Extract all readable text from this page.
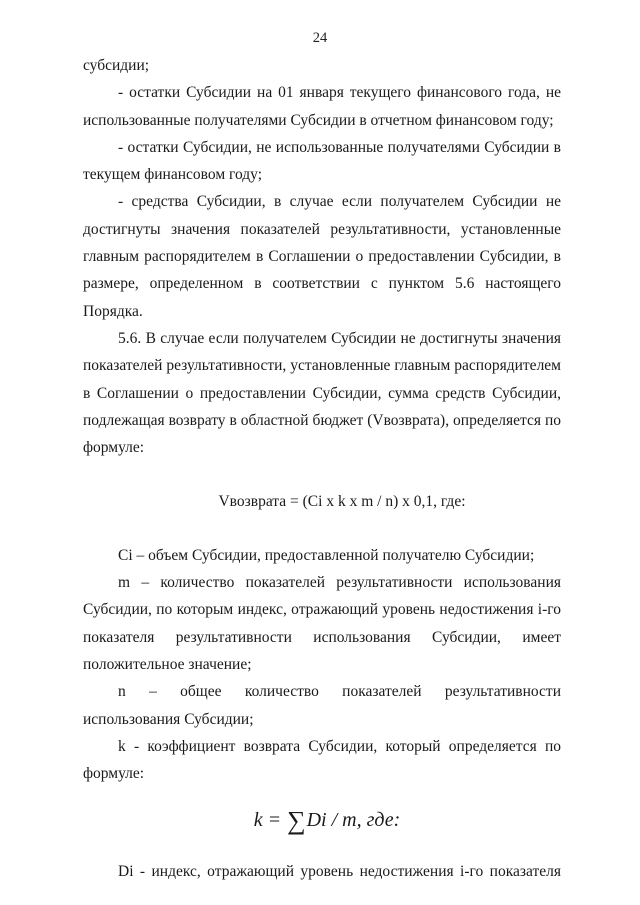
24

субсидии;

- остатки Субсидии на 01 января текущего финансового года, не использованные получателями Субсидии в отчетном финансовом году;

- остатки Субсидии, не использованные получателями Субсидии в текущем финансовом году;

- средства Субсидии, в случае если получателем Субсидии не достигнуты значения показателей результативности, установленные главным распорядителем в Соглашении о предоставлении Субсидии, в размере, определенном в соответствии с пунктом 5.6 настоящего Порядка.

5.6. В случае если получателем Субсидии не достигнуты значения показателей результативности, установленные главным распорядителем в Соглашении о предоставлении Субсидии, сумма средств Субсидии, подлежащая возврату в областной бюджет (Vвозврата), определяется по формуле:

Vвозврата = (Ci x k x m / n) x 0,1, где:

Ci – объем Субсидии, предоставленной получателю Субсидии;

m – количество показателей результативности использования Субсидии, по которым индекс, отражающий уровень недостижения i-го показателя результативности использования Субсидии, имеет положительное значение;

n – общее количество показателей результативности использования Субсидии;

k - коэффициент возврата Субсидии, который определяется по формуле:

k = ∑Di / m, где:

Di - индекс, отражающий уровень недостижения i-го показателя
